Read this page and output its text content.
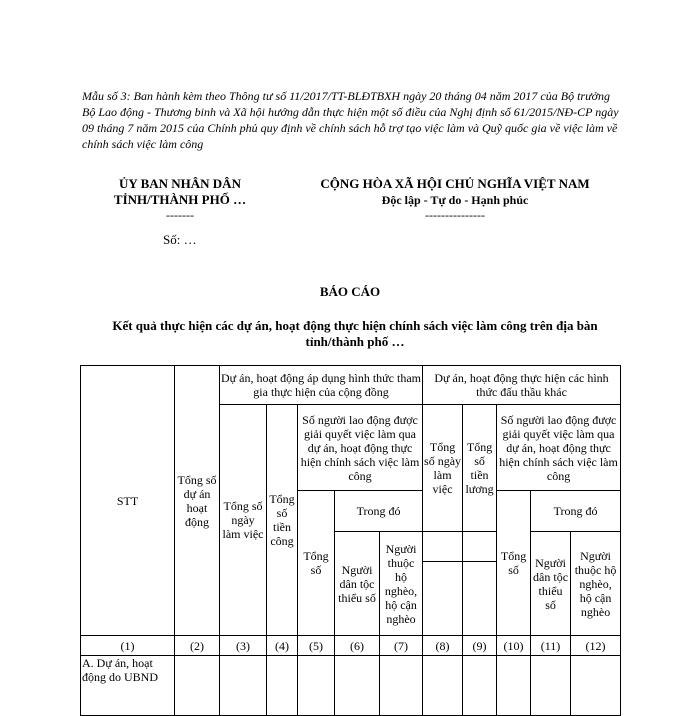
Mẫu số 3: Ban hành kèm theo Thông tư số 11/2017/TT-BLĐTBXH ngày 20 tháng 04 năm 2017 của Bộ trưởng Bộ Lao động - Thương binh và Xã hội hướng dẫn thực hiện một số điều của Nghị định số 61/2015/NĐ-CP ngày 09 tháng 7 năm 2015 của Chính phủ quy định về chính sách hỗ trợ tạo việc làm và Quỹ quốc gia về việc làm về chính sách việc làm công
ỦY BAN NHÂN DÂN
TỈNH/THÀNH PHỐ …
-------
Số: …
CỘNG HÒA XÃ HỘI CHỦ NGHĨA VIỆT NAM
Độc lập - Tự do - Hạnh phúc
---------------
BÁO CÁO
Kết quả thực hiện các dự án, hoạt động thực hiện chính sách việc làm công trên địa bàn tỉnh/thành phố …
STT	Tổng số dự án hoạt động	Dự án, hoạt động áp dụng hình thức tham gia thực hiện của cộng đồng					Dự án, hoạt động thực hiện các hình thức đấu thầu khác				
		Tổng số ngày làm việc	Tổng số tiền công	Số người lao động được giải quyết việc làm qua dự án, hoạt động thực hiện chính sách việc làm công			Tổng số ngày làm việc	Tổng số tiền lương	Số người lao động được giải quyết việc làm qua dự án, hoạt động thực hiện chính sách việc làm công		
				Tổng số	Trong đó				Tổng số	Trong đó	
					Người dân tộc thiểu số	Người thuộc hộ nghèo, hộ cận nghèo				Người dân tộc thiểu số	Người thuộc hộ nghèo, hộ cận nghèo

(1)	(2)	(3)	(4)	(5)	(6)	(7)	(8)	(9)	(10)	(11)	(12)
A. Dự án, hoạt động do UBND											
